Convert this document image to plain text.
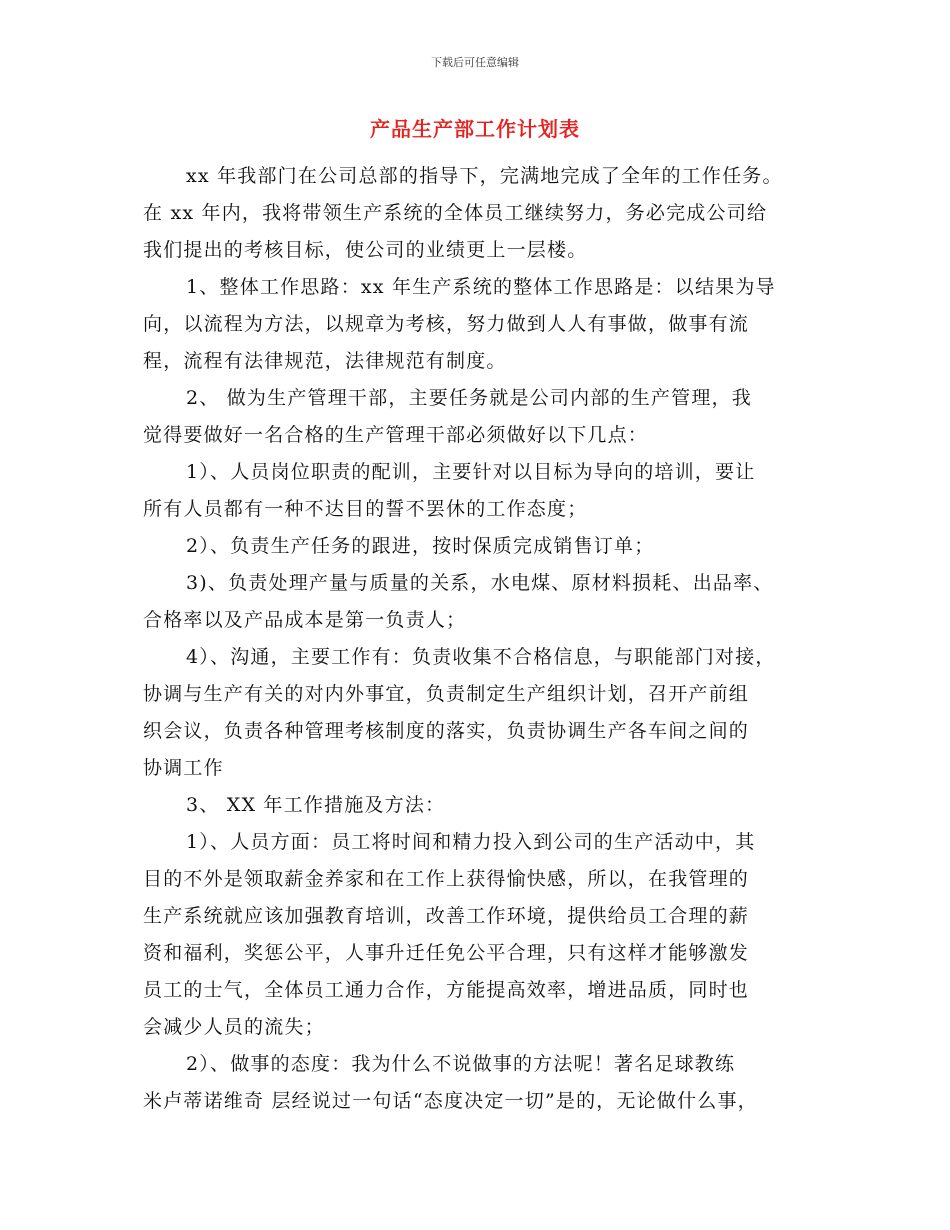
下载后可任意编辑
产品生产部工作计划表
xx 年我部门在公司总部的指导下，完满地完成了全年的工作任务。
在 xx 年内，我将带领生产系统的全体员工继续努力，务必完成公司给
我们提出的考核目标，使公司的业绩更上一层楼。
1、整体工作思路：xx 年生产系统的整体工作思路是：以结果为导
向，以流程为方法，以规章为考核，努力做到人人有事做，做事有流
程，流程有法律规范，法律规范有制度。
2、 做为生产管理干部，主要任务就是公司内部的生产管理，我
觉得要做好一名合格的生产管理干部必须做好以下几点：
1）、人员岗位职责的配训，主要针对以目标为导向的培训，要让
所有人员都有一种不达目的誓不罢休的工作态度；
2）、负责生产任务的跟进，按时保质完成销售订单；
3)、负责处理产量与质量的关系，水电煤、原材料损耗、出品率、
合格率以及产品成本是第一负责人；
4）、沟通，主要工作有：负责收集不合格信息，与职能部门对接，
协调与生产有关的对内外事宜，负责制定生产组织计划，召开产前组
织会议，负责各种管理考核制度的落实，负责协调生产各车间之间的
协调工作
3、 XX 年工作措施及方法：
1）、人员方面：员工将时间和精力投入到公司的生产活动中，其
目的不外是领取薪金养家和在工作上获得愉快感，所以，在我管理的
生产系统就应该加强教育培训，改善工作环境，提供给员工合理的薪
资和福利，奖惩公平，人事升迁任免公平合理，只有这样才能够激发
员工的士气，全体员工通力合作，方能提高效率，增进品质，同时也
会减少人员的流失；
2）、做事的态度：我为什么不说做事的方法呢！著名足球教练
米卢蒂诺维奇 层经说过一句话“态度决定一切”是的，无论做什么事，
